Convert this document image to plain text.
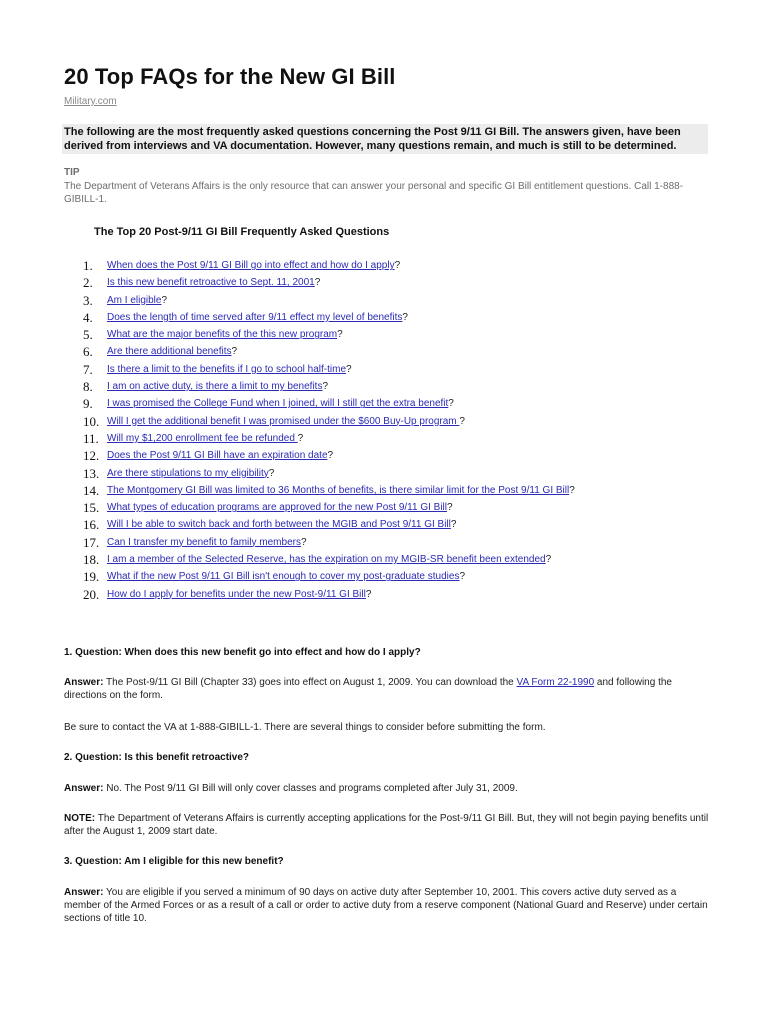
20 Top FAQs for the New GI Bill
Military.com
The following are the most frequently asked questions concerning the Post 9/11 GI Bill. The answers given, have been derived from interviews and VA documentation. However, many questions remain, and much is still to be determined.
TIP
The Department of Veterans Affairs is the only resource that can answer your personal and specific GI Bill entitlement questions. Call 1-888-GIBILL-1.
The Top 20 Post-9/11 GI Bill Frequently Asked Questions
1.	When does the Post 9/11 GI Bill go into effect and how do I apply?
2.	Is this new benefit retroactive to Sept. 11, 2001?
3.	Am I eligible?
4.	Does the length of time served after 9/11 effect my level of benefits?
5.	What are the major benefits of the this new program?
6.	Are there additional benefits?
7.	Is there a limit to the benefits if I go to school half-time?
8.	I am on active duty, is there a limit to my benefits?
9.	I was promised the College Fund when I joined, will I still get the extra benefit?
10. Will I get the additional benefit I was promised under the $600 Buy-Up program ?
11. Will my $1,200 enrollment fee be refunded ?
12. Does the Post 9/11 GI Bill have an expiration date?
13. Are there stipulations to my eligibility?
14. The Montgomery GI Bill was limited to 36 Months of benefits, is there similar limit for the Post 9/11 GI Bill?
15. What types of education programs are approved for the new Post 9/11 GI Bill?
16. Will I be able to switch back and forth between the MGIB and Post 9/11 GI Bill?
17. Can I transfer my benefit to family members?
18. I am a member of the Selected Reserve, has the expiration on my MGIB-SR benefit been extended?
19. What if the new Post 9/11 GI Bill isn't enough to cover my post-graduate studies?
20. How do I apply for benefits under the new Post-9/11 GI Bill?
1. Question: When does this new benefit go into effect and how do I apply?
Answer: The Post-9/11 GI Bill (Chapter 33) goes into effect on August 1, 2009. You can download the VA Form 22-1990 and following the directions on the form.
Be sure to contact the VA at 1-888-GIBILL-1. There are several things to consider before submitting the form.
2. Question: Is this benefit retroactive?
Answer: No. The Post 9/11 GI Bill will only cover classes and programs completed after July 31, 2009.
NOTE: The Department of Veterans Affairs is currently accepting applications for the Post-9/11 GI Bill. But, they will not begin paying benefits until after the August 1, 2009 start date.
3. Question: Am I eligible for this new benefit?
Answer: You are eligible if you served a minimum of 90 days on active duty after September 10, 2001. This covers active duty served as a member of the Armed Forces or as a result of a call or order to active duty from a reserve component (National Guard and Reserve) under certain sections of title 10.
